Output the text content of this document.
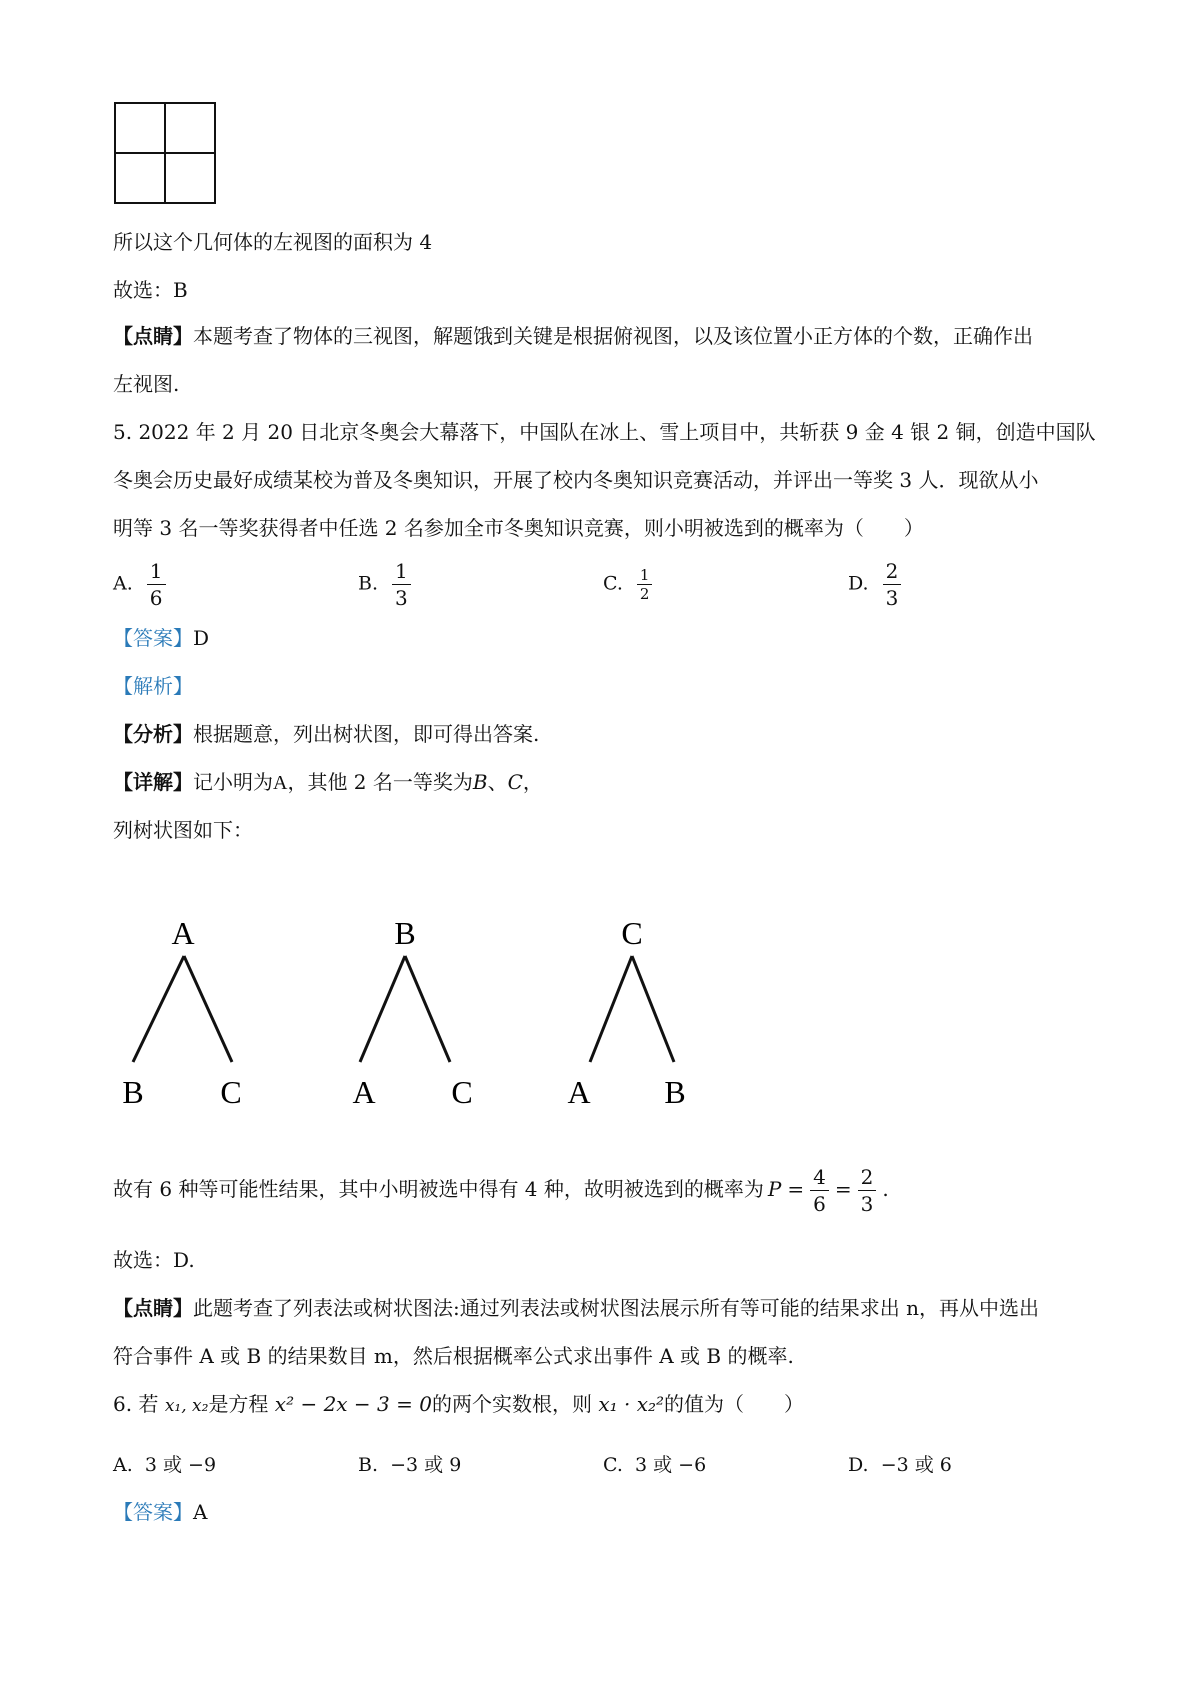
所以这个几何体的左视图的面积为 4
故选：B
【点睛】本题考查了物体的三视图，解题饿到关键是根据俯视图，以及该位置小正方体的个数，正确作出
左视图.
5. 2022 年 2 月 20 日北京冬奥会大幕落下，中国队在冰上、雪上项目中，共斩获 9 金 4 银 2 铜，创造中国队
冬奥会历史最好成绩某校为普及冬奥知识，开展了校内冬奥知识竞赛活动，并评出一等奖 3 人．现欲从小
明等 3 名一等奖获得者中任选 2 名参加全市冬奥知识竞赛，则小明被选到的概率为（　　）
A. $\frac{1}{6}$	B. $\frac{1}{3}$	C. $\frac{1}{2}$	D. $\frac{2}{3}$
【答案】D
【解析】
【分析】根据题意，列出树状图，即可得出答案.
【详解】记小明为A，其他 2 名一等奖为B、C，
列树状图如下：
A
B C
B
A C
C
A B
故有 6 种等可能性结果，其中小明被选中得有 4 种，故明被选到的概率为 $P = \frac{4}{6} = \frac{2}{3}$ .
故选：D.
【点睛】此题考查了列表法或树状图法:通过列表法或树状图法展示所有等可能的结果求出 n，再从中选出
符合事件 A 或 B 的结果数目 m，然后根据概率公式求出事件 A 或 B 的概率.
6. 若 x₁, x₂是方程 x² − 2x − 3 = 0的两个实数根，则 x₁ · x₂²的值为（　　）
A. 3 或 −9	B. −3 或 9	C. 3 或 −6	D. −3 或 6
【答案】A
